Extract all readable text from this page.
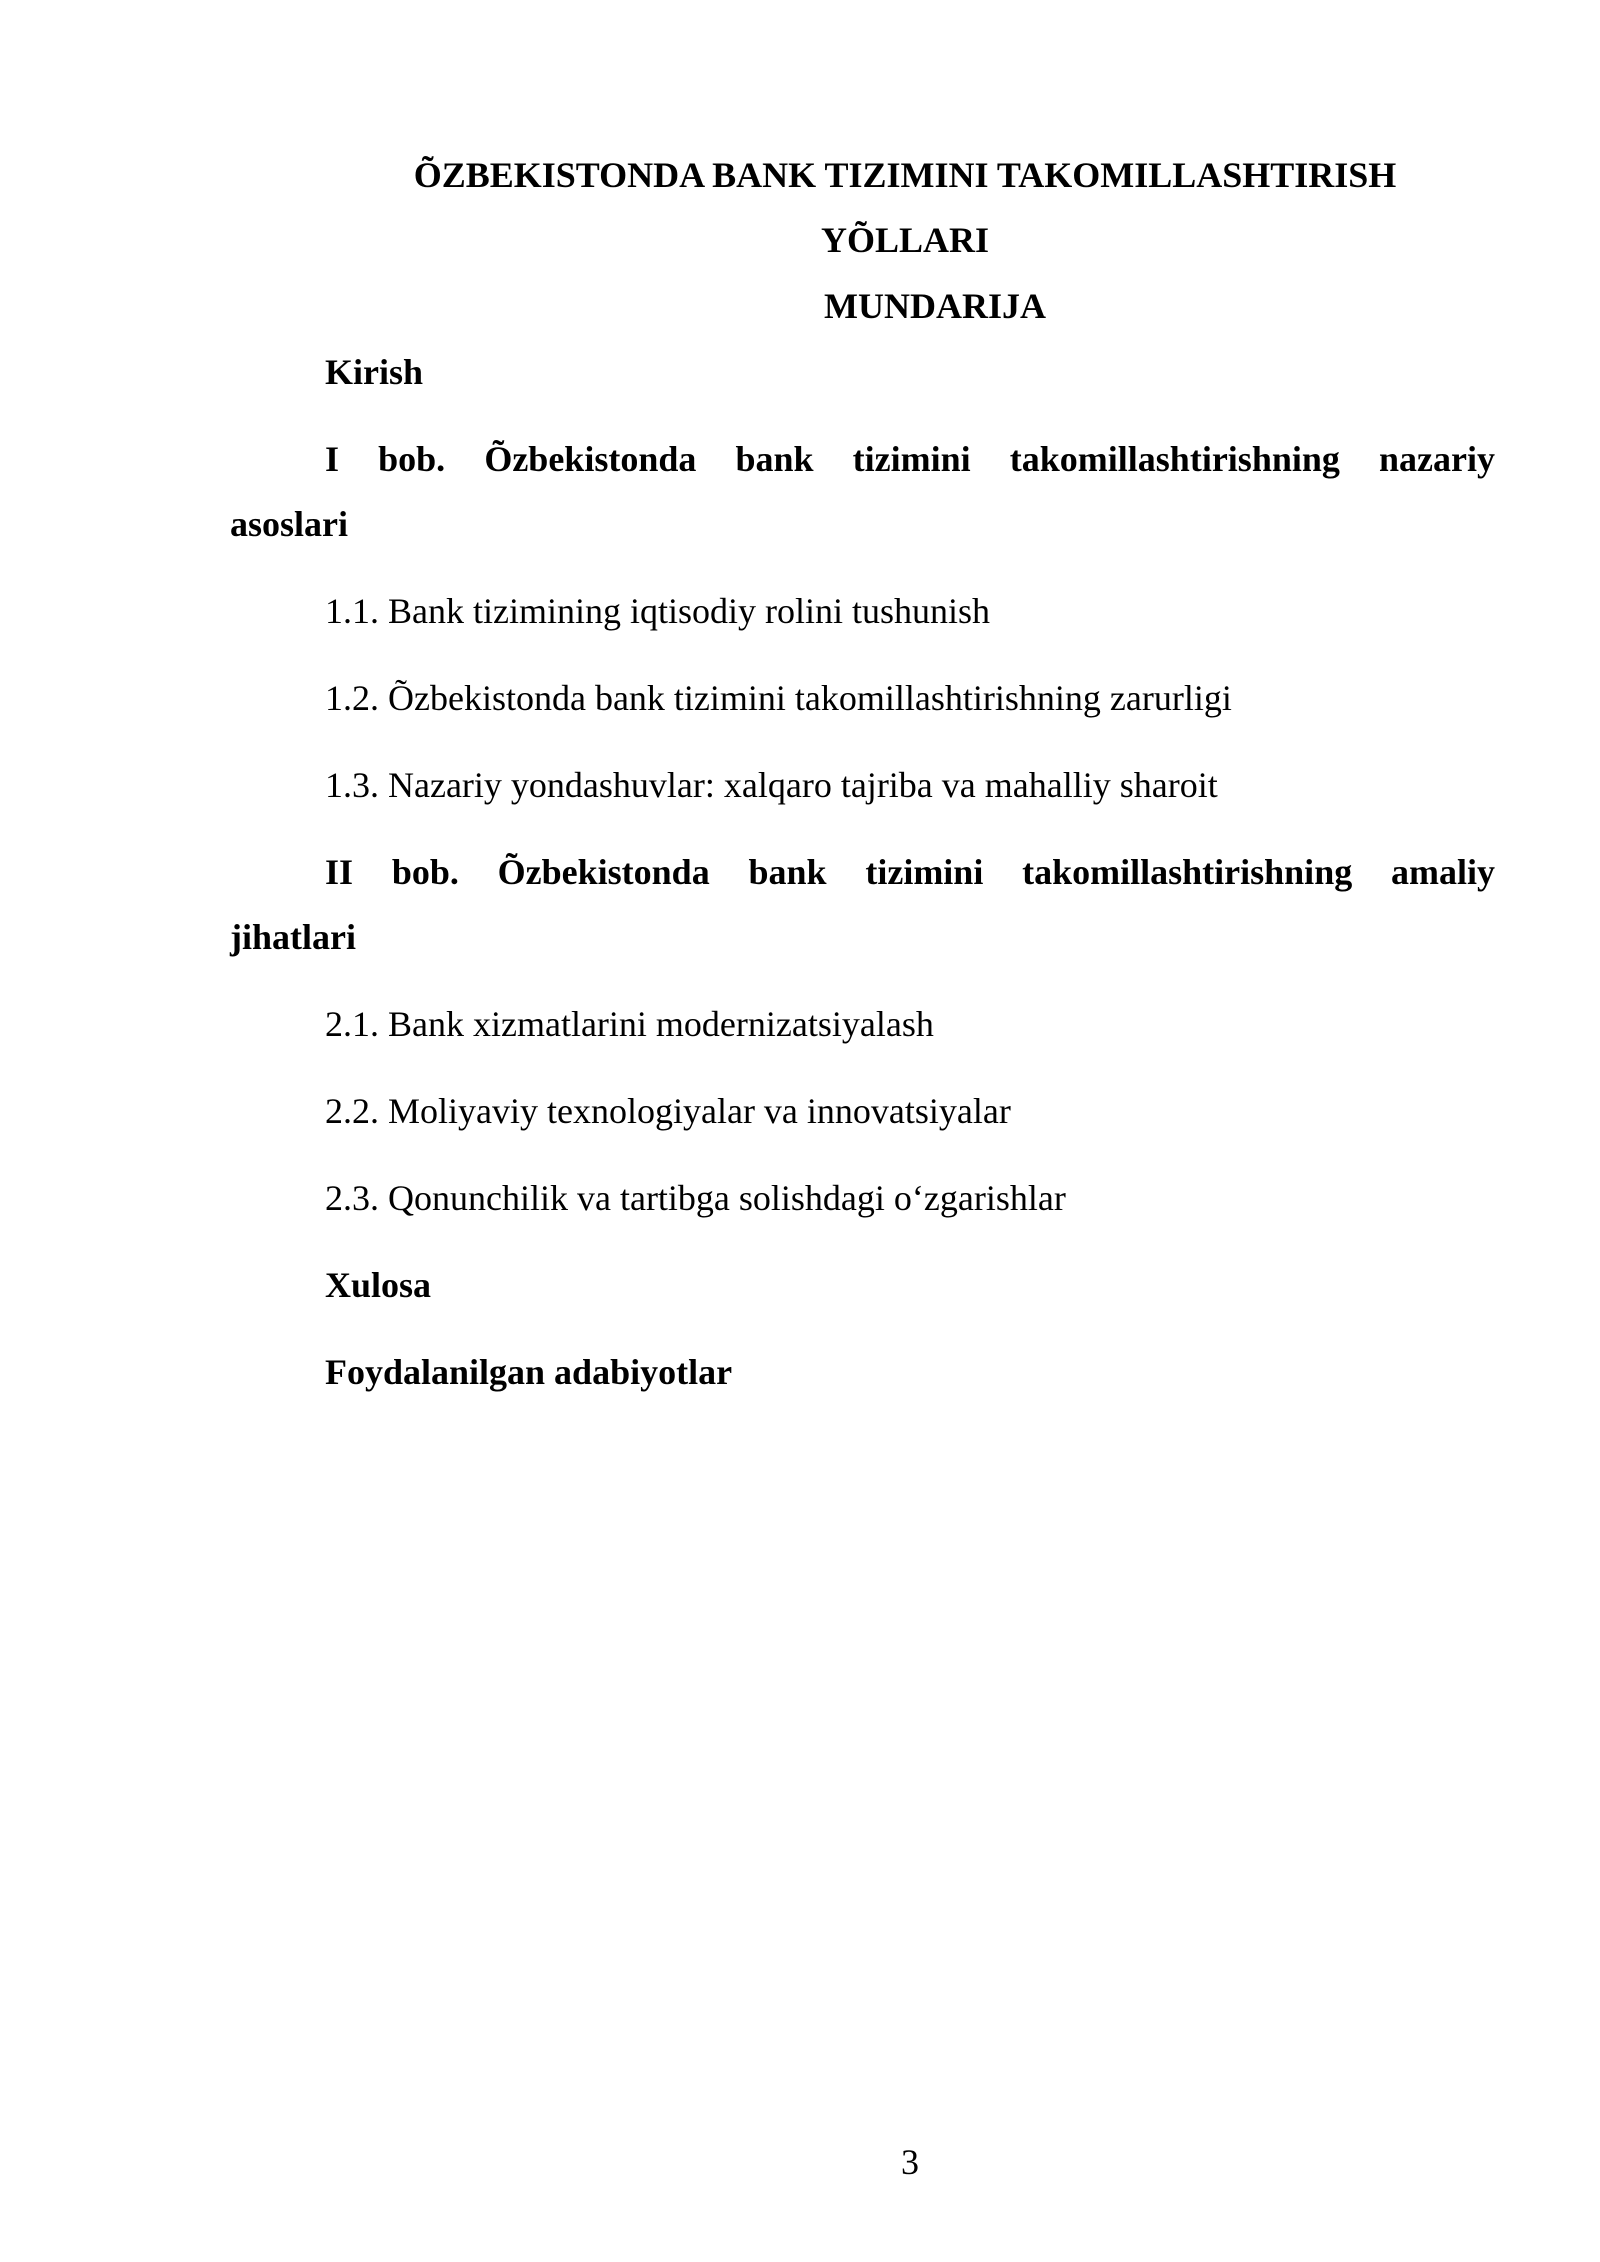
ÕZBEKISTONDA BANK TIZIMINI TAKOMILLASHTIRISH
YÕLLARI
MUNDARIJA
Kirish
I bob. Õzbekistonda bank tizimini takomillashtirishning nazariy
asoslari
1.1. Bank tizimining iqtisodiy rolini tushunish
1.2. Õzbekistonda bank tizimini takomillashtirishning zarurligi
1.3. Nazariy yondashuvlar: xalqaro tajriba va mahalliy sharoit
II bob. Õzbekistonda bank tizimini takomillashtirishning amaliy
jihatlari
2.1. Bank xizmatlarini modernizatsiyalash
2.2. Moliyaviy texnologiyalar va innovatsiyalar
2.3. Qonunchilik va tartibga solishdagi o‘zgarishlar
Xulosa
Foydalanilgan adabiyotlar
3
